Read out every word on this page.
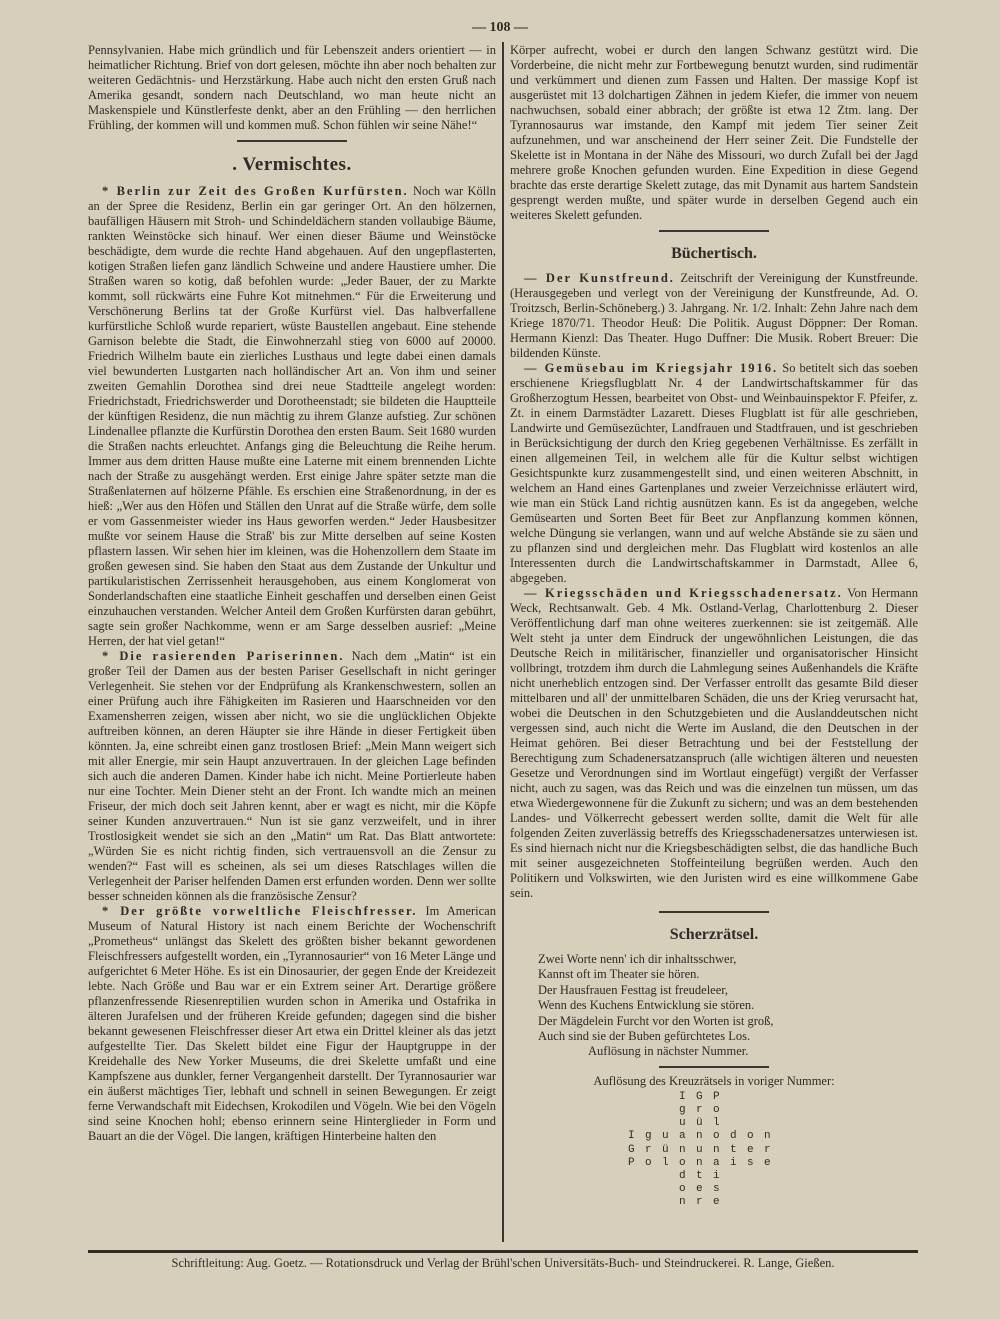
— 108 —

Pennsylvanien. Habe mich gründlich und für Lebenszeit anders orientiert — in heimatlicher Richtung. Brief von dort gelesen, möchte ihn aber noch behalten zur weiteren Gedächtnis- und Herzstärkung. Habe auch nicht den ersten Gruß nach Amerika gesandt, sondern nach Deutschland, wo man heute nicht an Maskenspiele und Künstlerfeste denkt, aber an den Frühling — den herrlichen Frühling, der kommen will und kommen muß. Schon fühlen wir seine Nähe!“

. Vermischtes.

* Berlin zur Zeit des Großen Kurfürsten. Noch war Kölln an der Spree die Residenz, Berlin ein gar geringer Ort. An den hölzernen, baufälligen Häusern mit Stroh- und Schindeldächern standen vollaubige Bäume, rankten Weinstöcke sich hinauf. Wer einen dieser Bäume und Weinstöcke beschädigte, dem wurde die rechte Hand abgehauen. Auf den ungepflasterten, kotigen Straßen liefen ganz ländlich Schweine und andere Haustiere umher. Die Straßen waren so kotig, daß befohlen wurde: „Jeder Bauer, der zu Markte kommt, soll rückwärts eine Fuhre Kot mitnehmen.“ Für die Erweiterung und Verschönerung Berlins tat der Große Kurfürst viel. Das halbverfallene kurfürstliche Schloß wurde repariert, wüste Baustellen angebaut. Eine stehende Garnison belebte die Stadt, die Einwohnerzahl stieg von 6000 auf 20000. Friedrich Wilhelm baute ein zierliches Lusthaus und legte dabei einen damals viel bewunderten Lustgarten nach holländischer Art an. Von ihm und seiner zweiten Gemahlin Dorothea sind drei neue Stadtteile angelegt worden: Friedrichstadt, Friedrichswerder und Dorotheenstadt; sie bildeten die Hauptteile der künftigen Residenz, die nun mächtig zu ihrem Glanze aufstieg. Zur schönen Lindenallee pflanzte die Kurfürstin Dorothea den ersten Baum. Seit 1680 wurden die Straßen nachts erleuchtet. Anfangs ging die Beleuchtung die Reihe herum. Immer aus dem dritten Hause mußte eine Laterne mit einem brennenden Lichte nach der Straße zu ausgehängt werden. Erst einige Jahre später setzte man die Straßenlaternen auf hölzerne Pfähle. Es erschien eine Straßenordnung, in der es hieß: „Wer aus den Höfen und Ställen den Unrat auf die Straße würfe, dem solle er vom Gassenmeister wieder ins Haus geworfen werden.“ Jeder Hausbesitzer mußte vor seinem Hause die Straß' bis zur Mitte derselben auf seine Kosten pflastern lassen. Wir sehen hier im kleinen, was die Hohenzollern dem Staate im großen gewesen sind. Sie haben den Staat aus dem Zustande der Unkultur und partikularistischen Zerrissenheit herausgehoben, aus einem Konglomerat von Sonderlandschaften eine staatliche Einheit geschaffen und derselben einen Geist einzuhauchen verstanden. Welcher Anteil dem Großen Kurfürsten daran gebührt, sagte sein großer Nachkomme, wenn er am Sarge desselben ausrief: „Meine Herren, der hat viel getan!“

* Die rasierenden Pariserinnen. Nach dem „Matin“ ist ein großer Teil der Damen aus der besten Pariser Gesellschaft in nicht geringer Verlegenheit. Sie stehen vor der Endprüfung als Krankenschwestern, sollen an einer Prüfung auch ihre Fähigkeiten im Rasieren und Haarschneiden vor den Examensherren zeigen, wissen aber nicht, wo sie die unglücklichen Objekte auftreiben können, an deren Häupter sie ihre Hände in dieser Fertigkeit üben könnten. Ja, eine schreibt einen ganz trostlosen Brief: „Mein Mann weigert sich mit aller Energie, mir sein Haupt anzuvertrauen. In der gleichen Lage befinden sich auch die anderen Damen. Kinder habe ich nicht. Meine Portierleute haben nur eine Tochter. Mein Diener steht an der Front. Ich wandte mich an meinen Friseur, der mich doch seit Jahren kennt, aber er wagt es nicht, mir die Köpfe seiner Kunden anzuvertrauen.“ Nun ist sie ganz verzweifelt, und in ihrer Trostlosigkeit wendet sie sich an den „Matin“ um Rat. Das Blatt antwortete: „Würden Sie es nicht richtig finden, sich vertrauensvoll an die Zensur zu wenden?“ Fast will es scheinen, als sei um dieses Ratschlages willen die Verlegenheit der Pariser helfenden Damen erst erfunden worden. Denn wer sollte besser schneiden können als die französische Zensur?

* Der größte vorweltliche Fleischfresser. Im American Museum of Natural History ist nach einem Berichte der Wochenschrift „Prometheus“ unlängst das Skelett des größten bisher bekannt gewordenen Fleischfressers aufgestellt worden, ein „Tyrannosaurier“ von 16 Meter Länge und aufgerichtet 6 Meter Höhe. Es ist ein Dinosaurier, der gegen Ende der Kreidezeit lebte. Nach Größe und Bau war er ein Extrem seiner Art. Derartige größere pflanzenfressende Riesenreptilien wurden schon in Amerika und Ostafrika in älteren Jurafelsen und der früheren Kreide gefunden; dagegen sind die bisher bekannt gewesenen Fleischfresser dieser Art etwa ein Drittel kleiner als das jetzt aufgestellte Tier. Das Skelett bildet eine Figur der Hauptgruppe in der Kreidehalle des New Yorker Museums, die drei Skelette umfaßt und eine Kampfszene aus dunkler, ferner Vergangenheit darstellt. Der Tyrannosaurier war ein äußerst mächtiges Tier, lebhaft und schnell in seinen Bewegungen. Er zeigt ferne Verwandschaft mit Eidechsen, Krokodilen und Vögeln. Wie bei den Vögeln sind seine Knochen hohl; ebenso erinnern seine Hinterglieder in Form und Bauart an die der Vögel. Die langen, kräftigen Hinterbeine halten den

Körper aufrecht, wobei er durch den langen Schwanz gestützt wird. Die Vorderbeine, die nicht mehr zur Fortbewegung benutzt wurden, sind rudimentär und verkümmert und dienen zum Fassen und Halten. Der massige Kopf ist ausgerüstet mit 13 dolchartigen Zähnen in jedem Kiefer, die immer von neuem nachwuchsen, sobald einer abbrach; der größte ist etwa 12 Ztm. lang. Der Tyrannosaurus war imstande, den Kampf mit jedem Tier seiner Zeit aufzunehmen, und war anscheinend der Herr seiner Zeit. Die Fundstelle der Skelette ist in Montana in der Nähe des Missouri, wo durch Zufall bei der Jagd mehrere große Knochen gefunden wurden. Eine Expedition in diese Gegend brachte das erste derartige Skelett zutage, das mit Dynamit aus hartem Sandstein gesprengt werden mußte, und später wurde in derselben Gegend auch ein weiteres Skelett gefunden.

Büchertisch.

— Der Kunstfreund. Zeitschrift der Vereinigung der Kunstfreunde. (Herausgegeben und verlegt von der Vereinigung der Kunstfreunde, Ad. O. Troitzsch, Berlin-Schöneberg.) 3. Jahrgang. Nr. 1/2. Inhalt: Zehn Jahre nach dem Kriege 1870/71. Theodor Heuß: Die Politik. August Döppner: Der Roman. Hermann Kienzl: Das Theater. Hugo Duffner: Die Musik. Robert Breuer: Die bildenden Künste.

— Gemüsebau im Kriegsjahr 1916. So betitelt sich das soeben erschienene Kriegsflugblatt Nr. 4 der Landwirtschaftskammer für das Großherzogtum Hessen, bearbeitet von Obst- und Weinbauinspektor F. Pfeifer, z. Zt. in einem Darmstädter Lazarett. Dieses Flugblatt ist für alle geschrieben, Landwirte und Gemüsezüchter, Landfrauen und Stadtfrauen, und ist geschrieben in Berücksichtigung der durch den Krieg gegebenen Verhältnisse. Es zerfällt in einen allgemeinen Teil, in welchem alle für die Kultur selbst wichtigen Gesichtspunkte kurz zusammengestellt sind, und einen weiteren Abschnitt, in welchem an Hand eines Gartenplanes und zweier Verzeichnisse erläutert wird, wie man ein Stück Land richtig ausnützen kann. Es ist da angegeben, welche Gemüsearten und Sorten Beet für Beet zur Anpflanzung kommen können, welche Düngung sie verlangen, wann und auf welche Abstände sie zu säen und zu pflanzen sind und dergleichen mehr. Das Flugblatt wird kostenlos an alle Interessenten durch die Landwirtschaftskammer in Darmstadt, Allee 6, abgegeben.

— Kriegsschäden und Kriegsschadenersatz. Von Hermann Weck, Rechtsanwalt. Geb. 4 Mk. Ostland-Verlag, Charlottenburg 2. Dieser Veröffentlichung darf man ohne weiteres zuerkennen: sie ist zeitgemäß. Alle Welt steht ja unter dem Eindruck der ungewöhnlichen Leistungen, die das Deutsche Reich in militärischer, finanzieller und organisatorischer Hinsicht vollbringt, trotzdem ihm durch die Lahmlegung seines Außenhandels die Kräfte nicht unerheblich entzogen sind. Der Verfasser entrollt das gesamte Bild dieser mittelbaren und all' der unmittelbaren Schäden, die uns der Krieg verursacht hat, wobei die Deutschen in den Schutzgebieten und die Auslanddeutschen nicht vergessen sind, auch nicht die Werte im Ausland, die den Deutschen in der Heimat gehören. Bei dieser Betrachtung und bei der Feststellung der Berechtigung zum Schadenersatzanspruch (alle wichtigen älteren und neuesten Gesetze und Verordnungen sind im Wortlaut eingefügt) vergißt der Verfasser nicht, auch zu sagen, was das Reich und was die einzelnen tun müssen, um das etwa Wiedergewonnene für die Zukunft zu sichern; und was an dem bestehenden Landes- und Völkerrecht gebessert werden sollte, damit die Welt für alle folgenden Zeiten zuverlässig betreffs des Kriegsschadenersatzes unterwiesen ist. Es sind hiernach nicht nur die Kriegsbeschädigten selbst, die das handliche Buch mit seiner ausgezeichneten Stoffeinteilung begrüßen werden. Auch den Politikern und Volkswirten, wie den Juristen wird es eine willkommene Gabe sein.

Scherzrätsel.
Zwei Worte nenn' ich dir inhaltsschwer,
Kannst oft im Theater sie hören.
Der Hausfrauen Festtag ist freudeleer,
Wenn des Kuchens Entwicklung sie stören.
Der Mägdelein Furcht vor den Worten ist groß,
Auch sind sie der Buben gefürchtetes Los.
Auflösung in nächster Nummer.
Auflösung des Kreuzrätsels in voriger Nummer:
IGP
gro
uül
Iguanodon
Grünunter
Polonaise
dti
oes
nre
Schriftleitung: Aug. Goetz. — Rotationsdruck und Verlag der Brühl'schen Universitäts-Buch- und Steindruckerei. R. Lange, Gießen.
